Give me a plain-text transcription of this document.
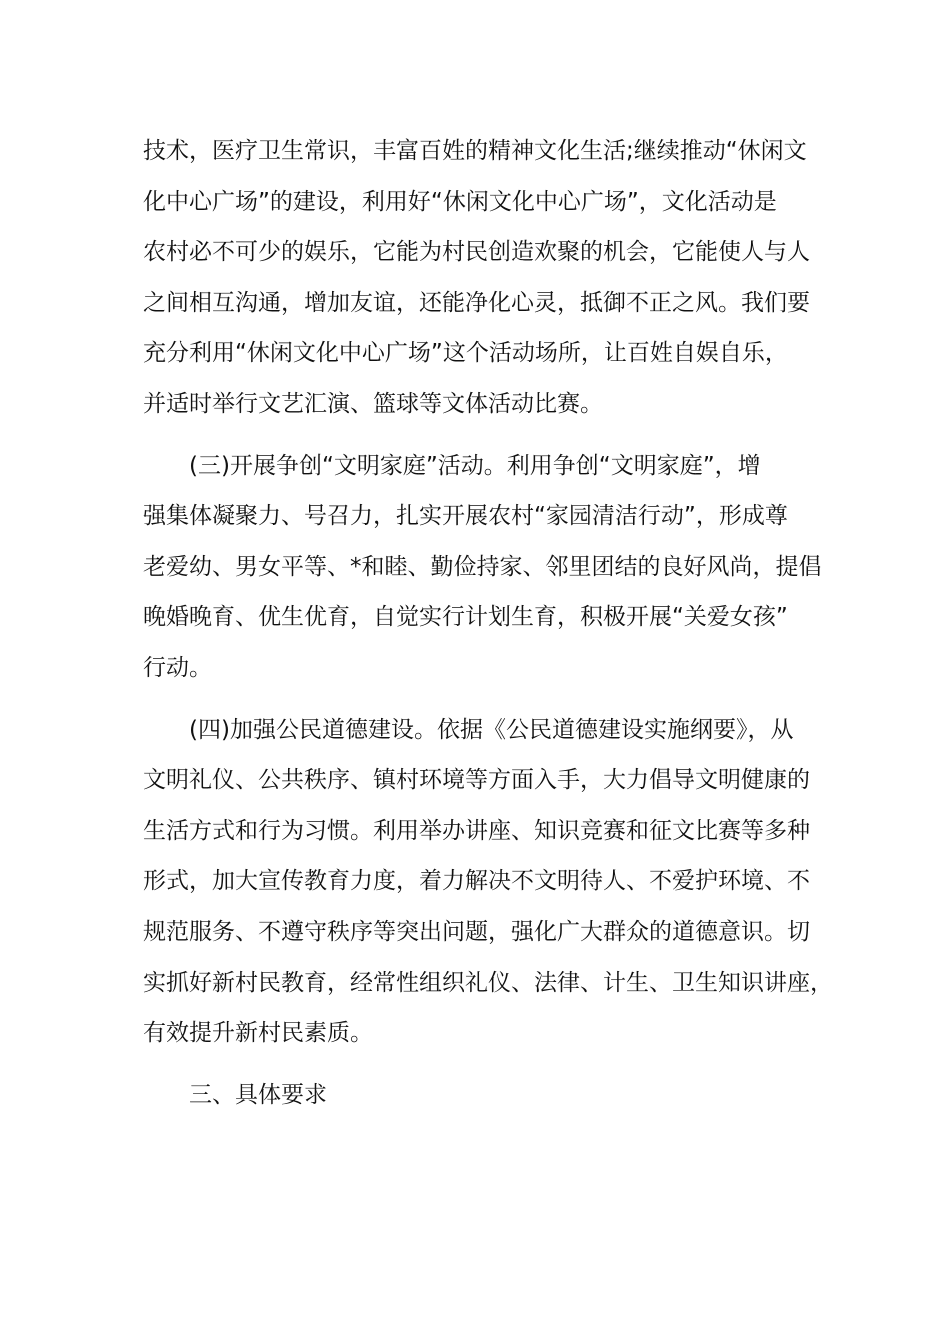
技术，医疗卫生常识，丰富百姓的精神文化生活;继续推动“休闲文
化中心广场”的建设，利用好“休闲文化中心广场”，文化活动是
农村必不可少的娱乐，它能为村民创造欢聚的机会，它能使人与人
之间相互沟通，增加友谊，还能净化心灵，抵御不正之风。我们要
充分利用“休闲文化中心广场”这个活动场所，让百姓自娱自乐，
并适时举行文艺汇演、篮球等文体活动比赛。

(三)开展争创“文明家庭”活动。利用争创“文明家庭”，增
强集体凝聚力、号召力，扎实开展农村“家园清洁行动”，形成尊
老爱幼、男女平等、*和睦、勤俭持家、邻里团结的良好风尚，提倡
晚婚晚育、优生优育，自觉实行计划生育，积极开展“关爱女孩”
行动。

(四)加强公民道德建设。依据《公民道德建设实施纲要》，从
文明礼仪、公共秩序、镇村环境等方面入手，大力倡导文明健康的
生活方式和行为习惯。利用举办讲座、知识竞赛和征文比赛等多种
形式，加大宣传教育力度，着力解决不文明待人、不爱护环境、不
规范服务、不遵守秩序等突出问题，强化广大群众的道德意识。切
实抓好新村民教育，经常性组织礼仪、法律、计生、卫生知识讲座，
有效提升新村民素质。

三、具体要求
